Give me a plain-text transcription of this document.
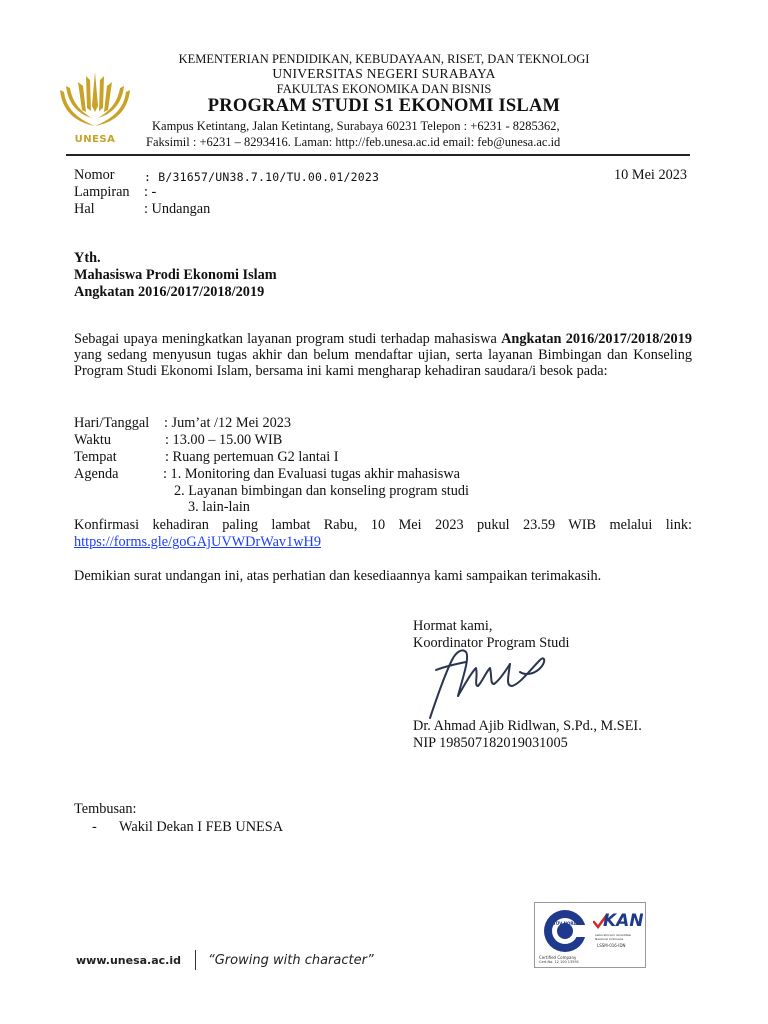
UNESA
KEMENTERIAN PENDIDIKAN, KEBUDAYAAN, RISET, DAN TEKNOLOGI
UNIVERSITAS NEGERI SURABAYA
FAKULTAS EKONOMIKA DAN BISNIS
PROGRAM STUDI S1 EKONOMI ISLAM
Kampus Ketintang, Jalan Ketintang, Surabaya 60231 Telepon : +6231 - 8285362,
Faksimil : +6231 – 8293416. Laman: http://feb.unesa.ac.id email: feb@unesa.ac.id
Nomor	: B/31657/UN38.7.10/TU.00.01/2023	10 Mei 2023
Lampiran : -
Hal	: Undangan
Yth.
Mahasiswa Prodi Ekonomi Islam
Angkatan 2016/2017/2018/2019

Sebagai upaya meningkatkan layanan program studi terhadap mahasiswa Angkatan 2016/2017/2018/2019 yang sedang menyusun tugas akhir dan belum mendaftar ujian, serta layanan Bimbingan dan Konseling Program Studi Ekonomi Islam, bersama ini kami mengharap kehadiran saudara/i besok pada:

Hari/Tanggal : Jum’at /12 Mei 2023
Waktu	: 13.00 – 15.00 WIB
Tempat	: Ruang pertemuan G2 lantai I
Agenda	: 1. Monitoring dan Evaluasi tugas akhir mahasiswa
2. Layanan bimbingan dan konseling program studi
3. lain-lain
Konfirmasi kehadiran paling lambat Rabu, 10 Mei 2023 pukul 23.59 WIB melalui link:
https://forms.gle/goGAjUVWDrWav1wH9
Demikian surat undangan ini, atas perhatian dan kesediaannya kami sampaikan terimakasih.
Hormat kami,
Koordinator Program Studi
Dr. Ahmad Ajib Ridlwan, S.Pd., M.SEI.
NIP 198507182019031005
Tembusan:
- Wakil Dekan I FEB UNESA
TÜV NORD
Certified Company
Cert.No. 12 100 13591
KAN
Laboratorium Akreditasi Nasional Indonesia
LSSM-016-IDN
www.unesa.ac.id “Growing with character”
